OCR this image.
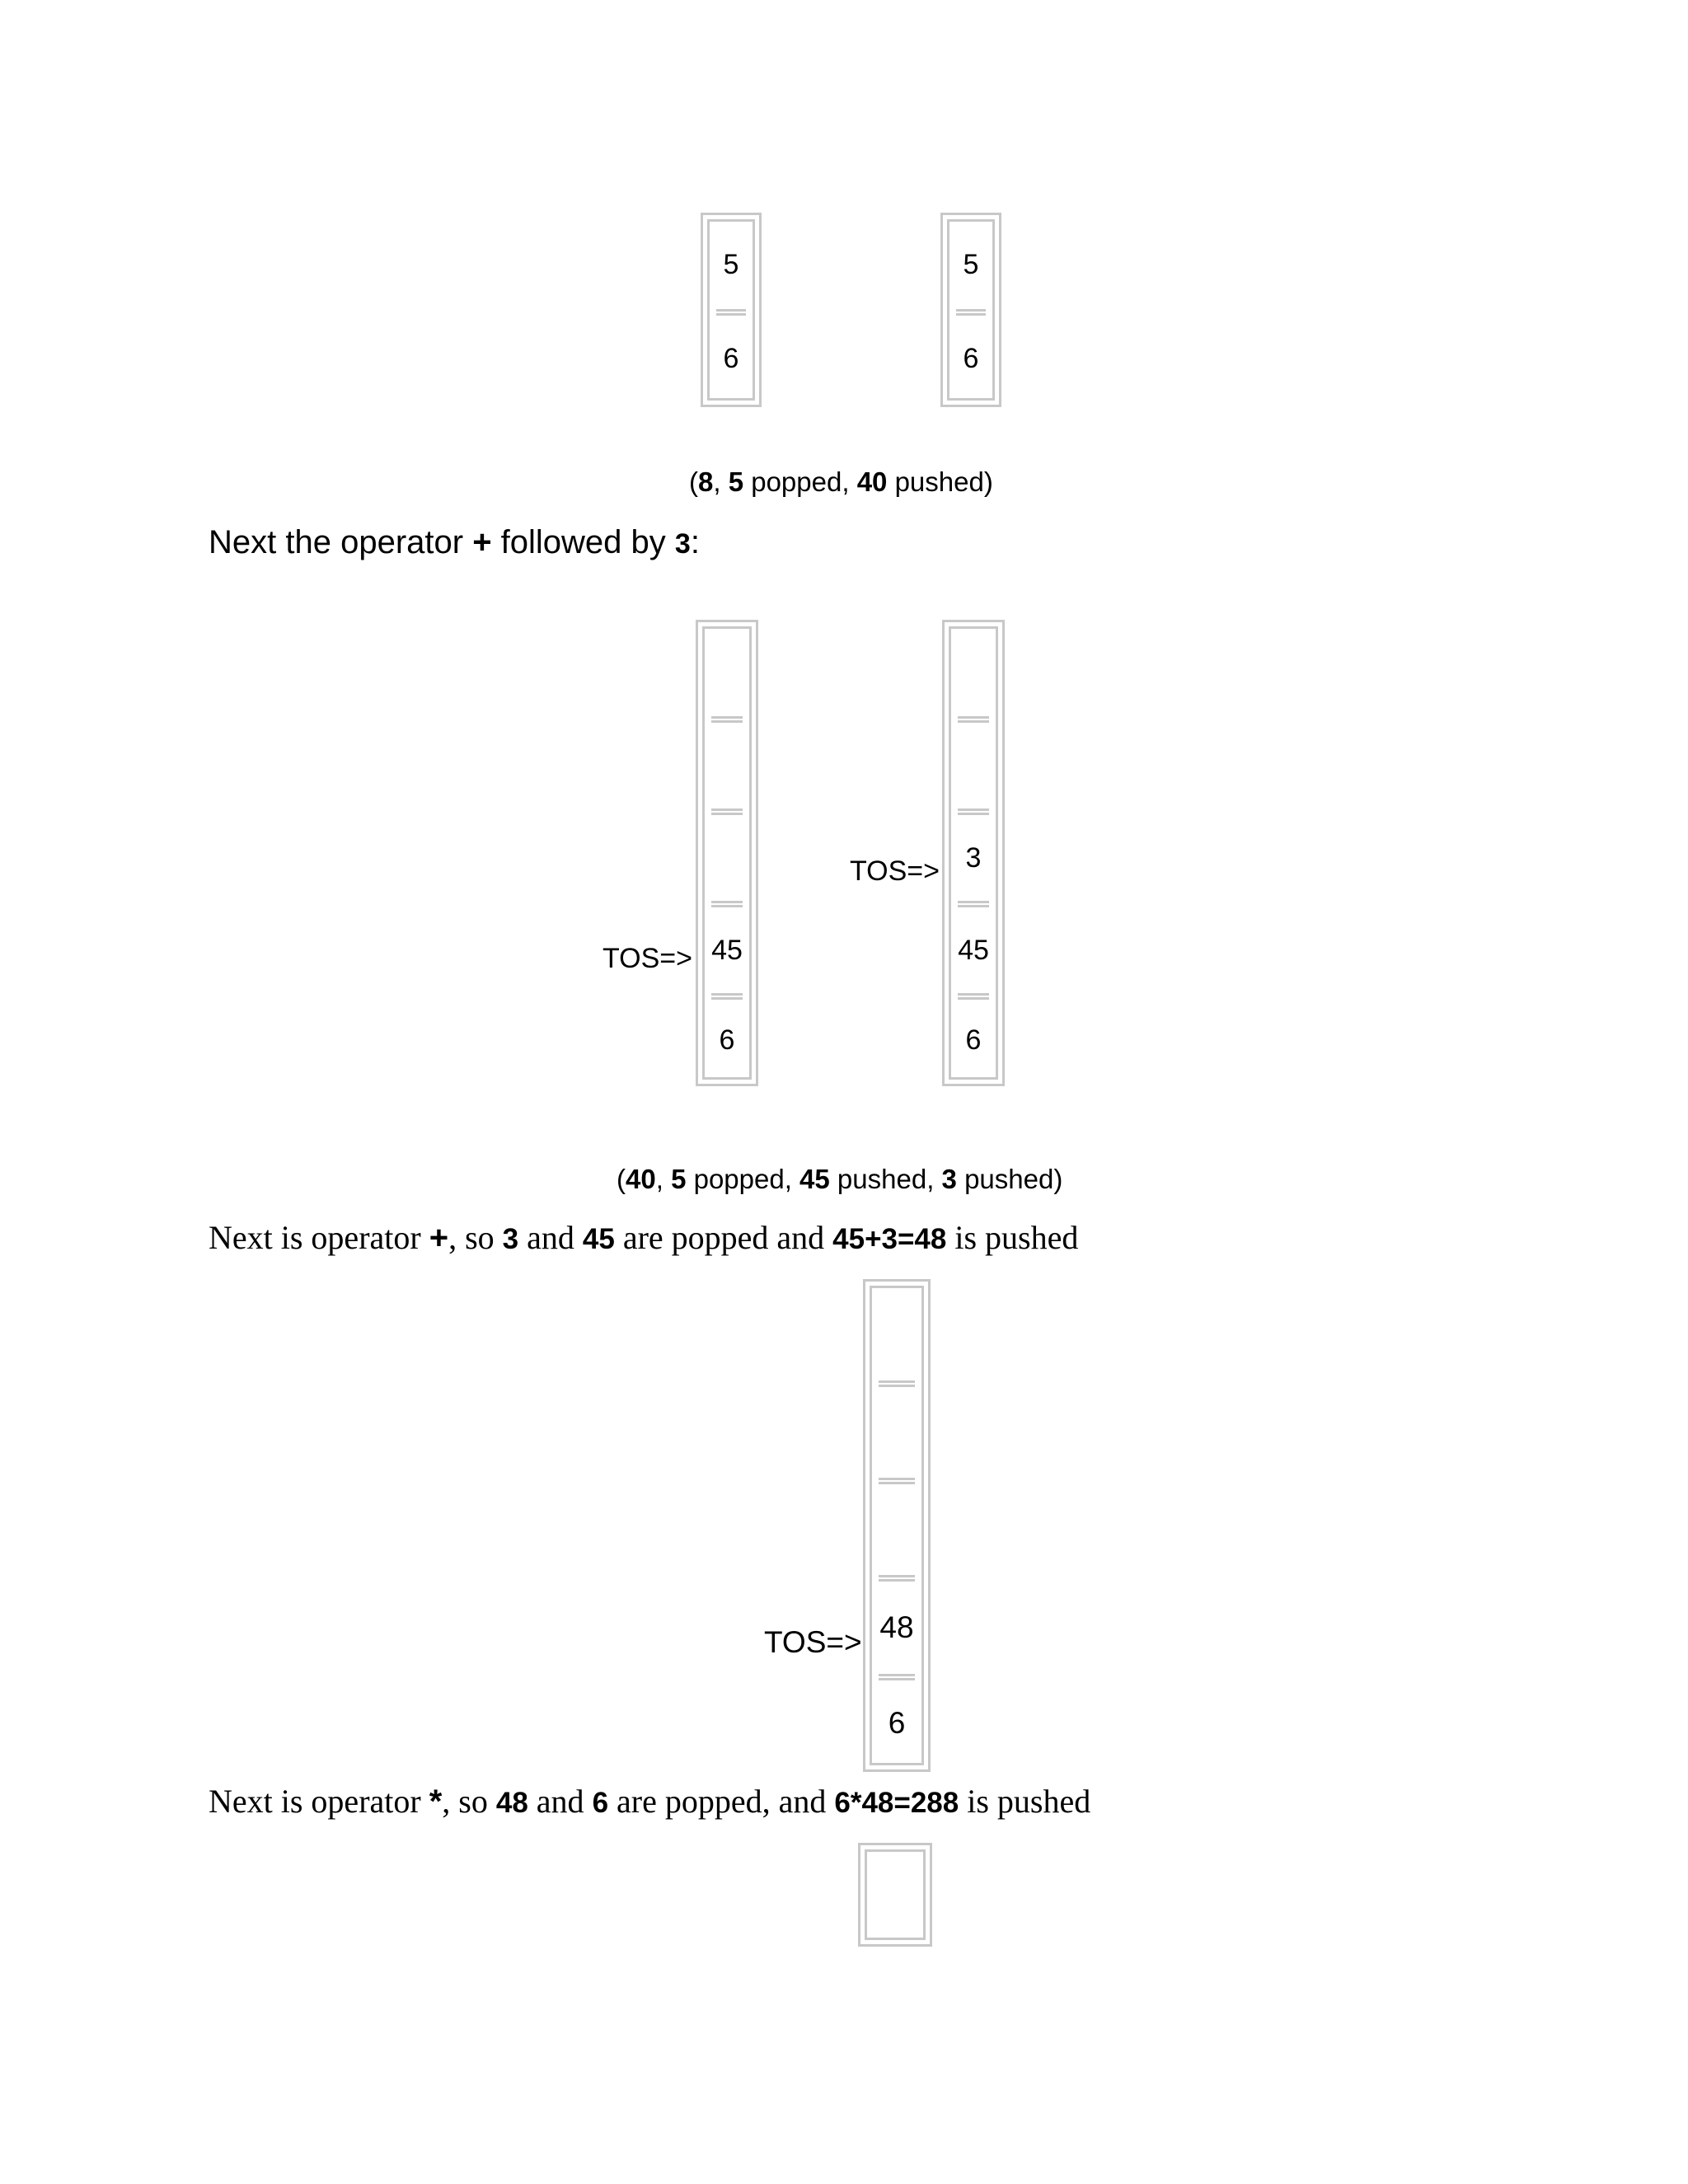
5
6
5
6
(8, 5 popped, 40 pushed)
Next the operator + followed by 3:
TOS=> 45
6
TOS=> 3
45
6
(40, 5 popped, 45 pushed, 3 pushed)
Next is operator +, so 3 and 45 are popped and 45+3=48 is pushed
TOS=> 48
6
Next is operator *, so 48 and 6 are popped, and 6*48=288 is pushed
